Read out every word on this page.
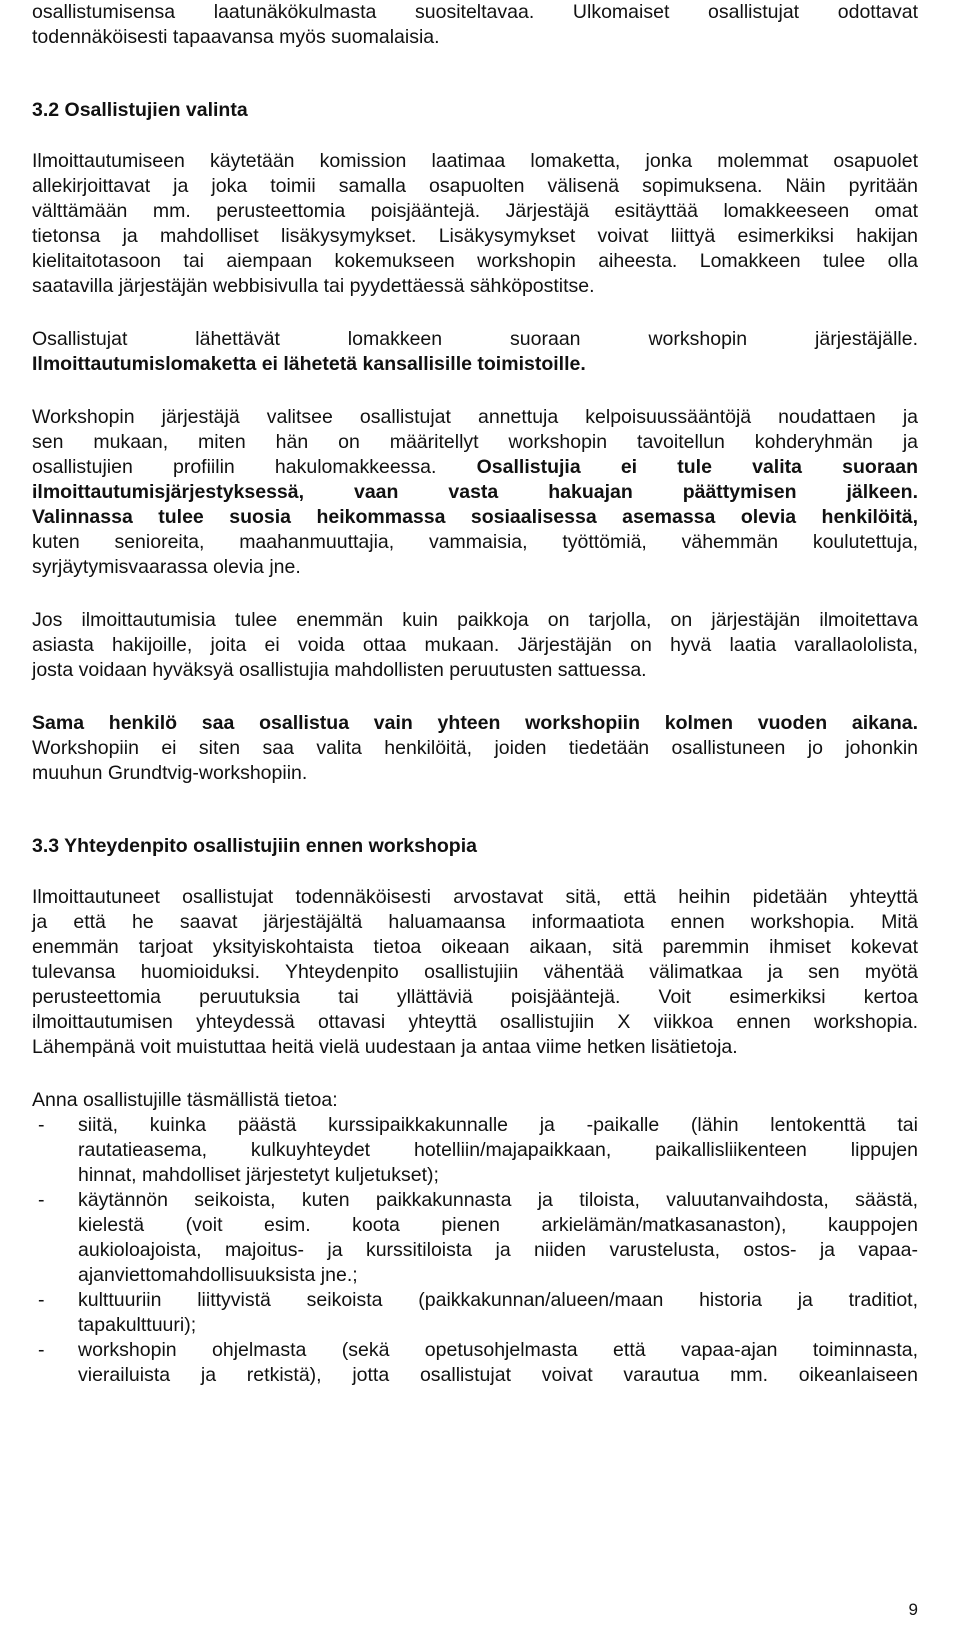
osallistumisensa laatunäkökulmasta suositeltavaa. Ulkomaiset osallistujat odottavat
todennäköisesti tapaavansa myös suomalaisia.
3.2 Osallistujien valinta
Ilmoittautumiseen käytetään komission laatimaa lomaketta, jonka molemmat osapuolet
allekirjoittavat ja joka toimii samalla osapuolten välisenä sopimuksena. Näin pyritään
välttämään mm. perusteettomia poisjääntejä. Järjestäjä esitäyttää lomakkeeseen omat
tietonsa ja mahdolliset lisäkysymykset. Lisäkysymykset voivat liittyä esimerkiksi hakijan
kielitaitotasoon tai aiempaan kokemukseen workshopin aiheesta. Lomakkeen tulee olla
saatavilla järjestäjän webbisivulla tai pyydettäessä sähköpostitse.
Osallistujat lähettävät lomakkeen suoraan workshopin järjestäjälle.
Ilmoittautumislomaketta ei lähetetä kansallisille toimistoille.
Workshopin järjestäjä valitsee osallistujat annettuja kelpoisuussääntöjä noudattaen ja
sen mukaan, miten hän on määritellyt workshopin tavoitellun kohderyhmän ja
osallistujien profiilin hakulomakkeessa. Osallistujia ei tule valita suoraan
ilmoittautumisjärjestyksessä, vaan vasta hakuajan päättymisen jälkeen.
Valinnassa tulee suosia heikommassa sosiaalisessa asemassa olevia henkilöitä,
kuten senioreita, maahanmuuttajia, vammaisia, työttömiä, vähemmän koulutettuja,
syrjäytymisvaarassa olevia jne.
Jos ilmoittautumisia tulee enemmän kuin paikkoja on tarjolla, on järjestäjän ilmoitettava
asiasta hakijoille, joita ei voida ottaa mukaan. Järjestäjän on hyvä laatia varallaololista,
josta voidaan hyväksyä osallistujia mahdollisten peruutusten sattuessa.
Sama henkilö saa osallistua vain yhteen workshopiin kolmen vuoden aikana.
Workshopiin ei siten saa valita henkilöitä, joiden tiedetään osallistuneen jo johonkin
muuhun Grundtvig-workshopiin.
3.3 Yhteydenpito osallistujiin ennen workshopia
Ilmoittautuneet osallistujat todennäköisesti arvostavat sitä, että heihin pidetään yhteyttä
ja että he saavat järjestäjältä haluamaansa informaatiota ennen workshopia. Mitä
enemmän tarjoat yksityiskohtaista tietoa oikeaan aikaan, sitä paremmin ihmiset kokevat
tulevansa huomioiduksi. Yhteydenpito osallistujiin vähentää välimatkaa ja sen myötä
perusteettomia peruutuksia tai yllättäviä poisjääntejä. Voit esimerkiksi kertoa
ilmoittautumisen yhteydessä ottavasi yhteyttä osallistujiin X viikkoa ennen workshopia.
Lähempänä voit muistuttaa heitä vielä uudestaan ja antaa viime hetken lisätietoja.
Anna osallistujille täsmällistä tietoa:
- siitä, kuinka päästä kurssipaikkakunnalle ja -paikalle (lähin lentokenttä tai
rautatieasema, kulkuyhteydet hotelliin/majapaikkaan, paikallisliikenteen lippujen
hinnat, mahdolliset järjestetyt kuljetukset);
- käytännön seikoista, kuten paikkakunnasta ja tiloista, valuutanvaihdosta, säästä,
kielestä (voit esim. koota pienen arkielämän/matkasanaston), kauppojen
aukioloajoista, majoitus- ja kurssitiloista ja niiden varustelusta, ostos- ja vapaa-
ajanviettomahdollisuuksista jne.;
- kulttuuriin liittyvistä seikoista (paikkakunnan/alueen/maan historia ja traditiot,
tapakulttuuri);
- workshopin ohjelmasta (sekä opetusohjelmasta että vapaa-ajan toiminnasta,
vierailuista ja retkistä), jotta osallistujat voivat varautua mm. oikeanlaiseen
9
